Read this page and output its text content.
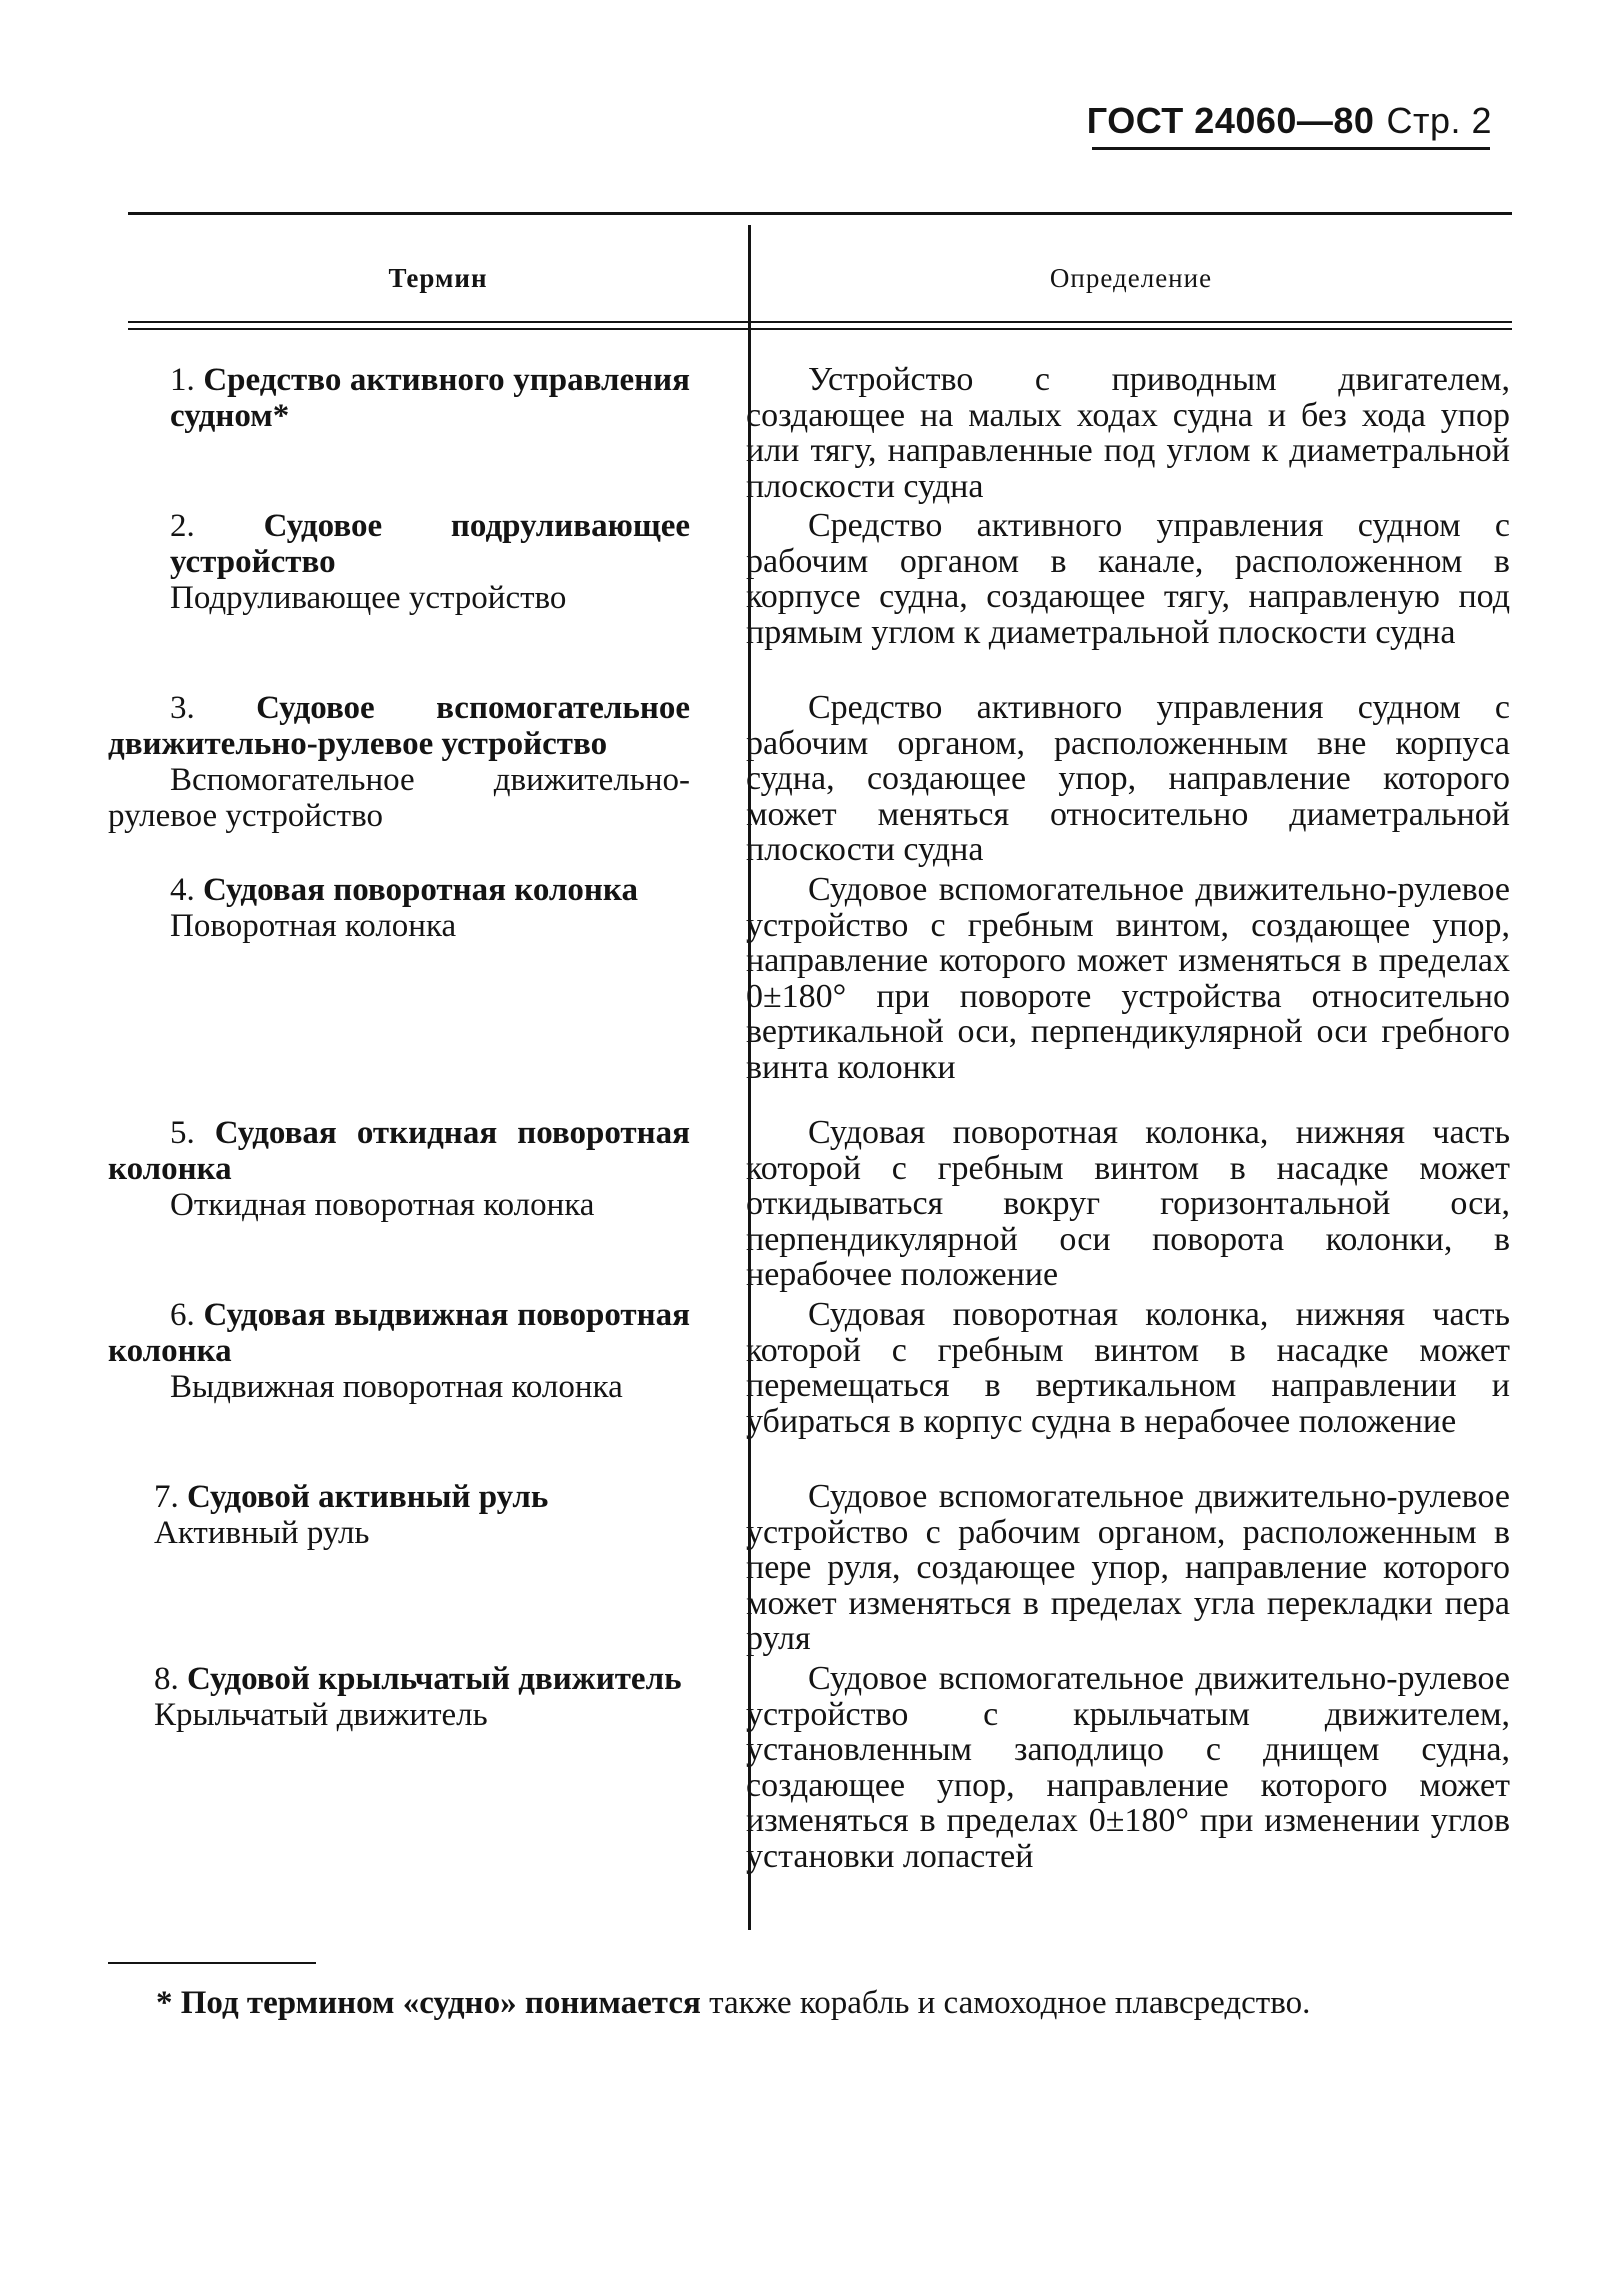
ГОСТ 24060—80 Стр. 2
Термин	Определение

1. Средство активного управления судном*

Устройство с приводным двигателем, создающее на малых ходах судна и без хода упор или тягу, направленные под углом к диаметральной плоскости судна

2. Судовое подруливающее устройство

Подруливающее устройство

Средство активного управления судном с рабочим органом в канале, расположенном в корпусе судна, создающее тягу, направленую под прямым углом к диаметральной плоскости судна

3. Судовое вспомогательное движительно-рулевое устройство

Вспомогательное движительно-рулевое устройство

Средство активного управления судном с рабочим органом, расположенным вне корпуса судна, создающее упор, направление которого может меняться относительно диаметральной плоскости судна

4. Судовая поворотная колонка

Поворотная колонка

Судовое вспомогательное движительно-рулевое устройство с гребным винтом, создающее упор, направление которого может изменяться в пределах 0±180° при повороте устройства относительно вертикальной оси, перпендикулярной оси гребного винта колонки

5. Судовая откидная поворотная колонка

Откидная поворотная колонка

Судовая поворотная колонка, нижняя часть которой с гребным винтом в насадке может откидываться вокруг горизонтальной оси, перпендикулярной оси поворота колонки, в нерабочее положение

6. Судовая выдвижная поворотная колонка

Выдвижная поворотная колонка

Судовая поворотная колонка, нижняя часть которой с гребным винтом в насадке может перемещаться в вертикальном направлении и убираться в корпус судна в нерабочее положение

7. Судовой активный руль

Активный руль

Судовое вспомогательное движительно-рулевое устройство с рабочим органом, расположенным в пере руля, создающее упор, направление которого может изменяться в пределах угла перекладки пера руля

8. Судовой крыльчатый движитель

Крыльчатый движитель

Судовое вспомогательное движительно-рулевое устройство с крыльчатым движителем, установленным заподлицо с днищем судна, создающее упор, направление которого может изменяться в пределах 0±180° при изменении углов установки лопастей
* Под термином «судно» понимается также корабль и самоходное плавсредство.
